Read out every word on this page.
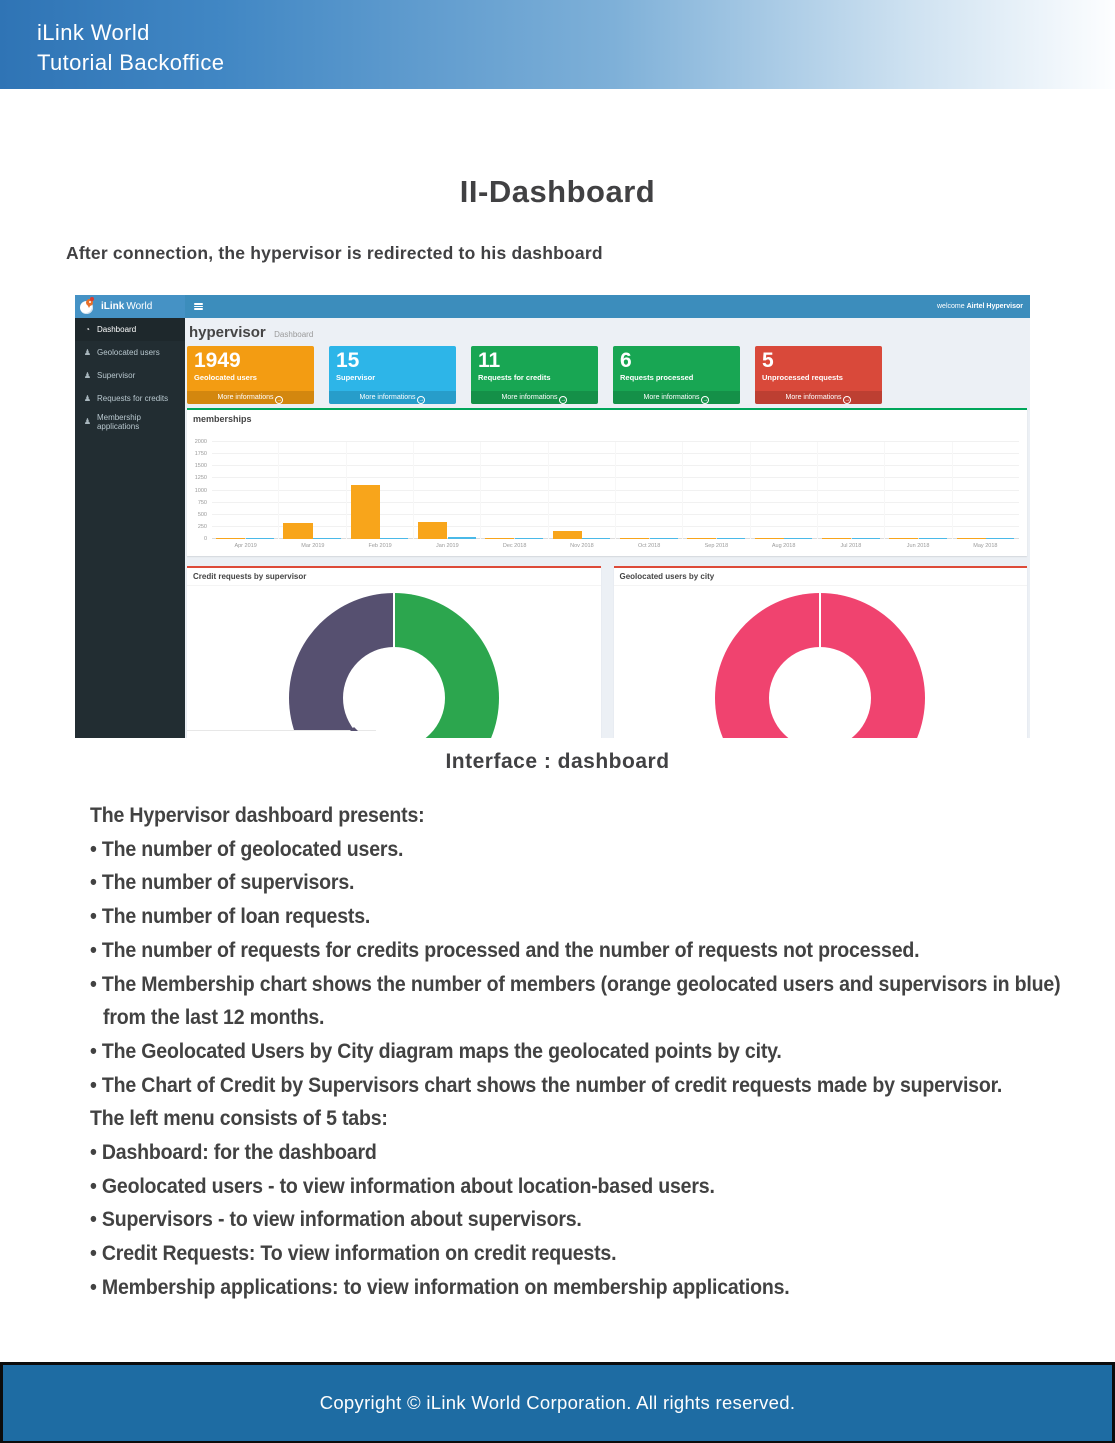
iLink World
Tutorial Backoffice
II-Dashboard
After connection, the hypervisor is redirected to his dashboard
iLink World
◔ Dashboard
♟ Geolocated users
♟ Supervisor
♟ Requests for credits
♟ Membership applications
welcome Airtel Hypervisor
hypervisor Dashboard
1949
Geolocated users
More informations →
15
Supervisor
More informations →
11
Requests for credits
More informations →
6
Requests processed
More informations →
5
Unprocessed requests
More informations →
memberships
0
250
500
750
1000
1250
1500
1750
2000
Apr 2019	Mar 2019	Feb 2019	Jan 2019	Dec 2018	Nov 2018	Oct 2018	Sep 2018	Aug 2018	Jul 2018	Jun 2018	May 2018
Credit requests by supervisor	Geolocated users by city
Interface : dashboard
The Hypervisor dashboard presents:
• The number of geolocated users.
• The number of supervisors.
• The number of loan requests.
• The number of requests for credits processed and the number of requests not processed.
• The Membership chart shows the number of members (orange geolocated users and supervisors in blue)
from the last 12 months.
• The Geolocated Users by City diagram maps the geolocated points by city.
• The Chart of Credit by Supervisors chart shows the number of credit requests made by supervisor.
The left menu consists of 5 tabs:
• Dashboard: for the dashboard
• Geolocated users - to view information about location-based users.
• Supervisors - to view information about supervisors.
• Credit Requests: To view information on credit requests.
• Membership applications: to view information on membership applications.
Copyright © iLink World Corporation. All rights reserved.
